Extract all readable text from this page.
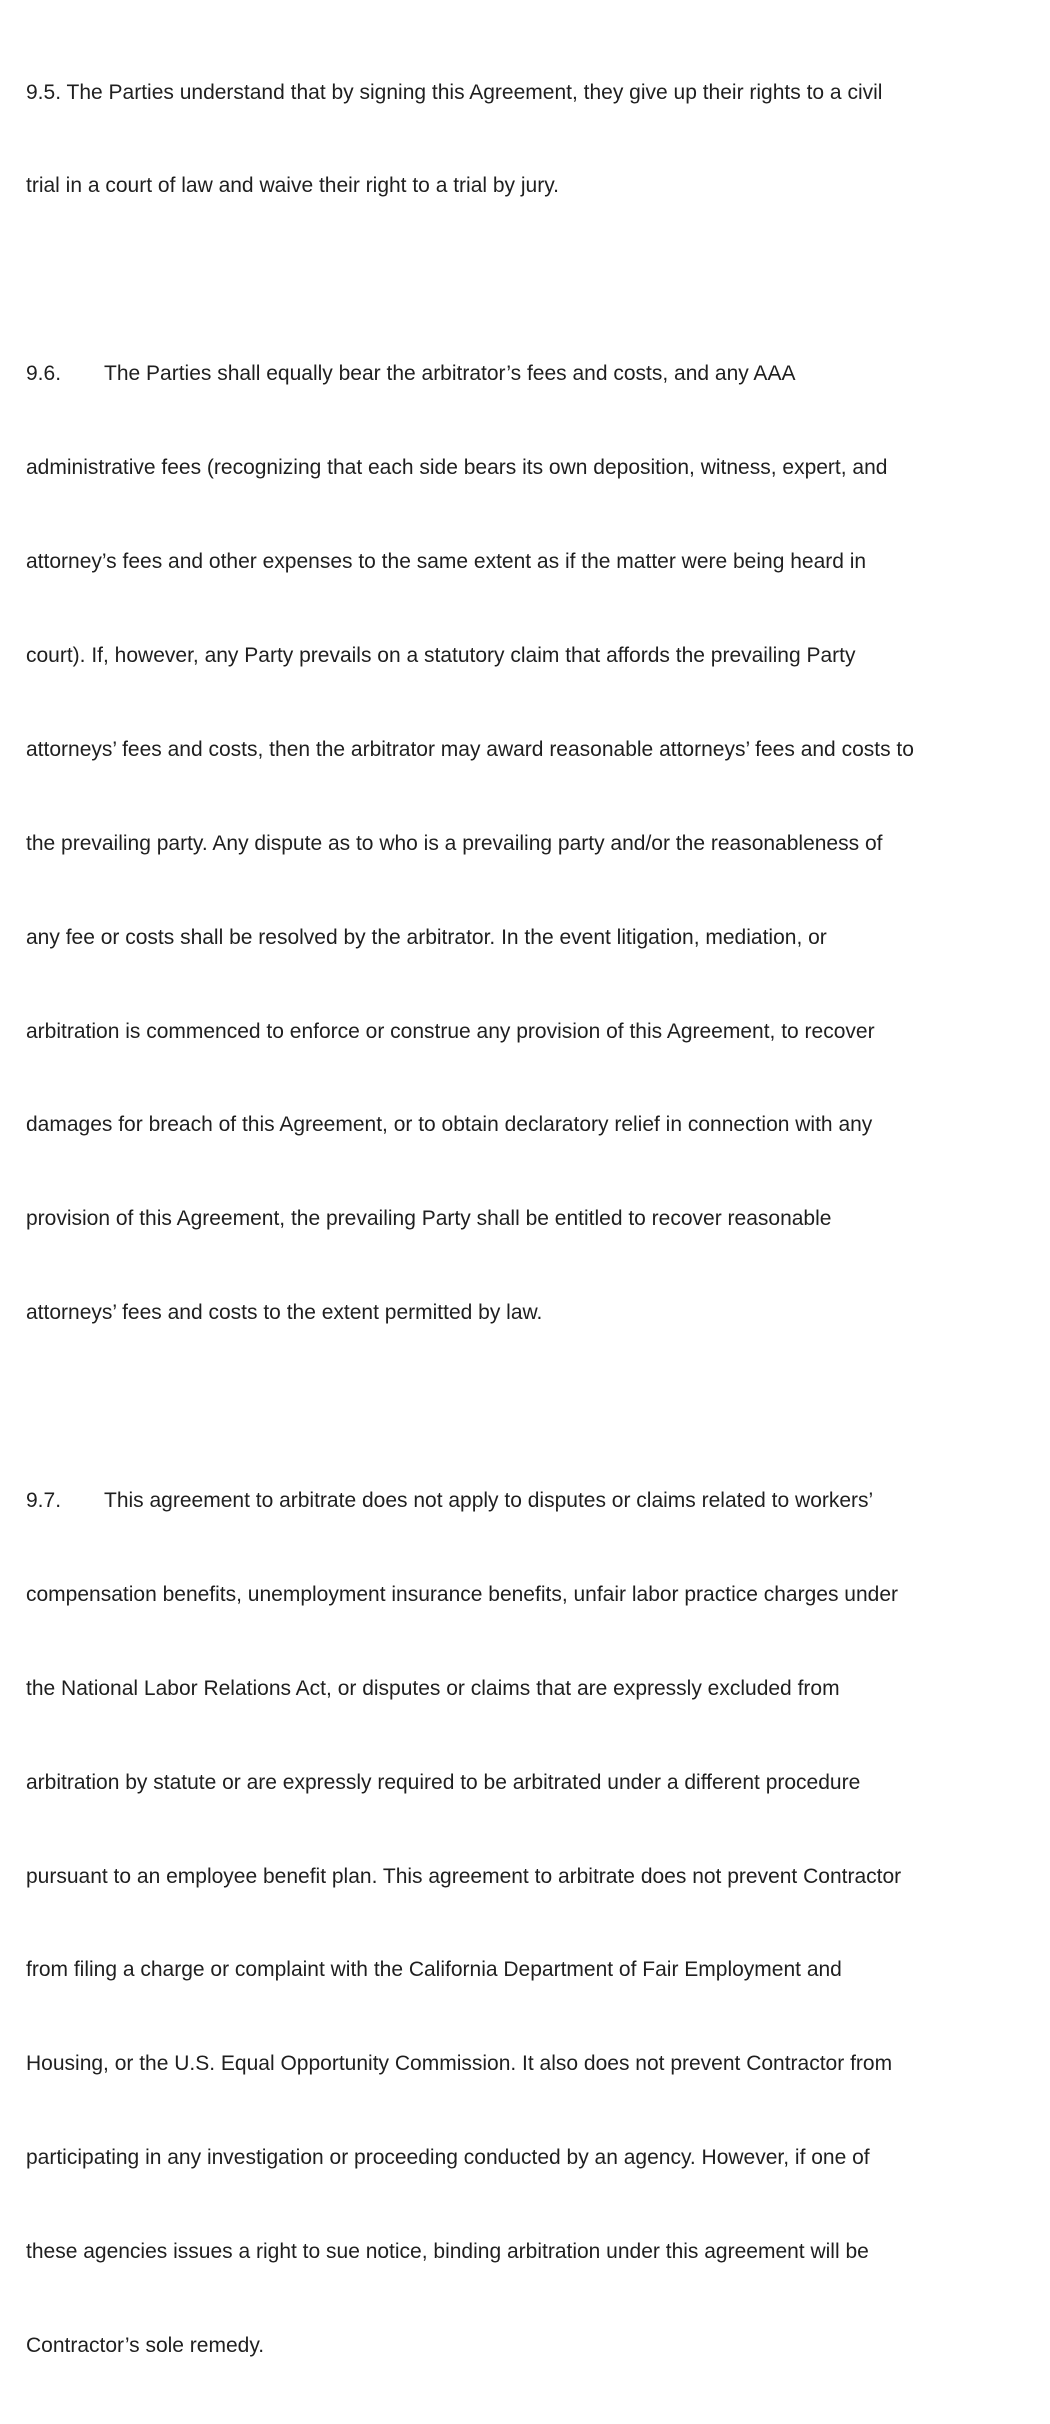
9.5. The Parties understand that by signing this Agreement, they give up their rights to a civil

trial in a court of law and waive their right to a trial by jury.

9.6. The Parties shall equally bear the arbitrator’s fees and costs, and any AAA

administrative fees (recognizing that each side bears its own deposition, witness, expert, and

attorney’s fees and other expenses to the same extent as if the matter were being heard in

court). If, however, any Party prevails on a statutory claim that affords the prevailing Party

attorneys’ fees and costs, then the arbitrator may award reasonable attorneys’ fees and costs to

the prevailing party. Any dispute as to who is a prevailing party and/or the reasonableness of

any fee or costs shall be resolved by the arbitrator. In the event litigation, mediation, or

arbitration is commenced to enforce or construe any provision of this Agreement, to recover

damages for breach of this Agreement, or to obtain declaratory relief in connection with any

provision of this Agreement, the prevailing Party shall be entitled to recover reasonable

attorneys’ fees and costs to the extent permitted by law.

9.7. This agreement to arbitrate does not apply to disputes or claims related to workers’

compensation benefits, unemployment insurance benefits, unfair labor practice charges under

the National Labor Relations Act, or disputes or claims that are expressly excluded from

arbitration by statute or are expressly required to be arbitrated under a different procedure

pursuant to an employee benefit plan. This agreement to arbitrate does not prevent Contractor

from filing a charge or complaint with the California Department of Fair Employment and

Housing, or the U.S. Equal Opportunity Commission. It also does not prevent Contractor from

participating in any investigation or proceeding conducted by an agency. However, if one of

these agencies issues a right to sue notice, binding arbitration under this agreement will be

Contractor’s sole remedy.
